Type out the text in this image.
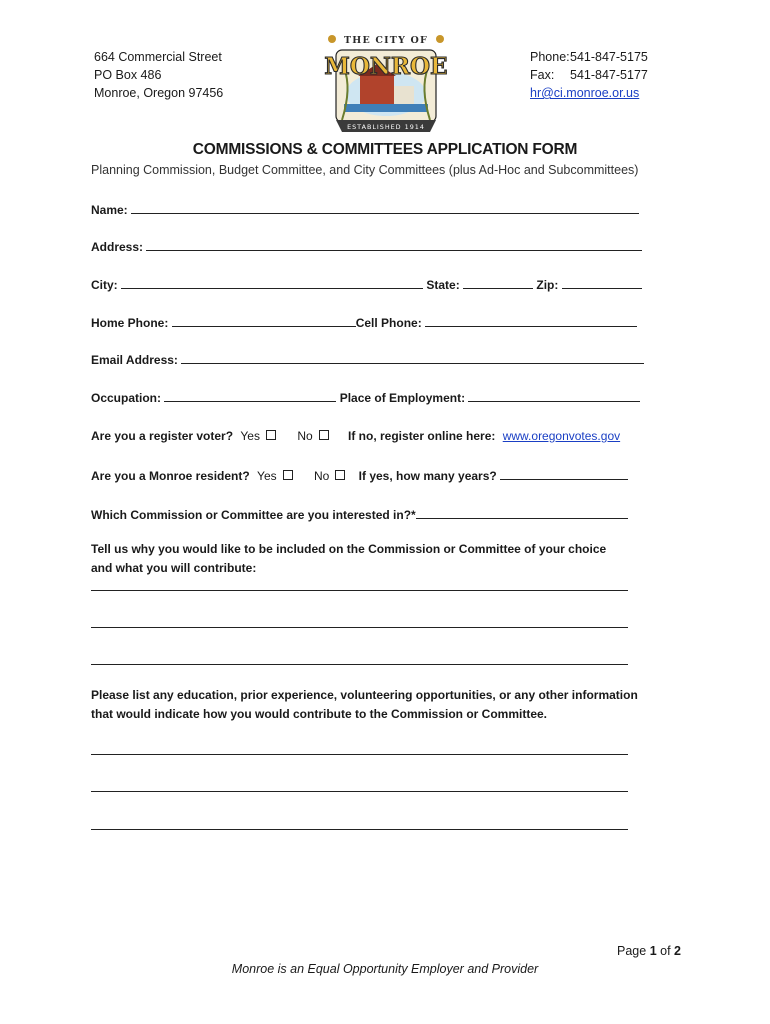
664 Commercial Street
PO Box 486
Monroe, Oregon 97456
THE CITY OF
MONROE
ESTABLISHED 1914
Phone:541-847-5175
Fax: 541-847-5177
hr@ci.monroe.or.us
COMMISSIONS & COMMITTEES APPLICATION FORM
Planning Commission, Budget Committee, and City Committees (plus Ad-Hoc and Subcommittees)
Name:
Address:
City:	State:	Zip:
Home Phone:	Cell Phone:
Email Address:
Occupation:	Place of Employment:
Are you a register voter? Yes	No	If no, register online here: www.oregonvotes.gov
Are you a Monroe resident? Yes	No If yes, how many years?
Which Commission or Committee are you interested in?*
Tell us why you would like to be included on the Commission or Committee of your choice
and what you will contribute:
Please list any education, prior experience, volunteering opportunities, or any other information
that would indicate how you would contribute to the Commission or Committee.
Page 1 of 2
Monroe is an Equal Opportunity Employer and Provider
